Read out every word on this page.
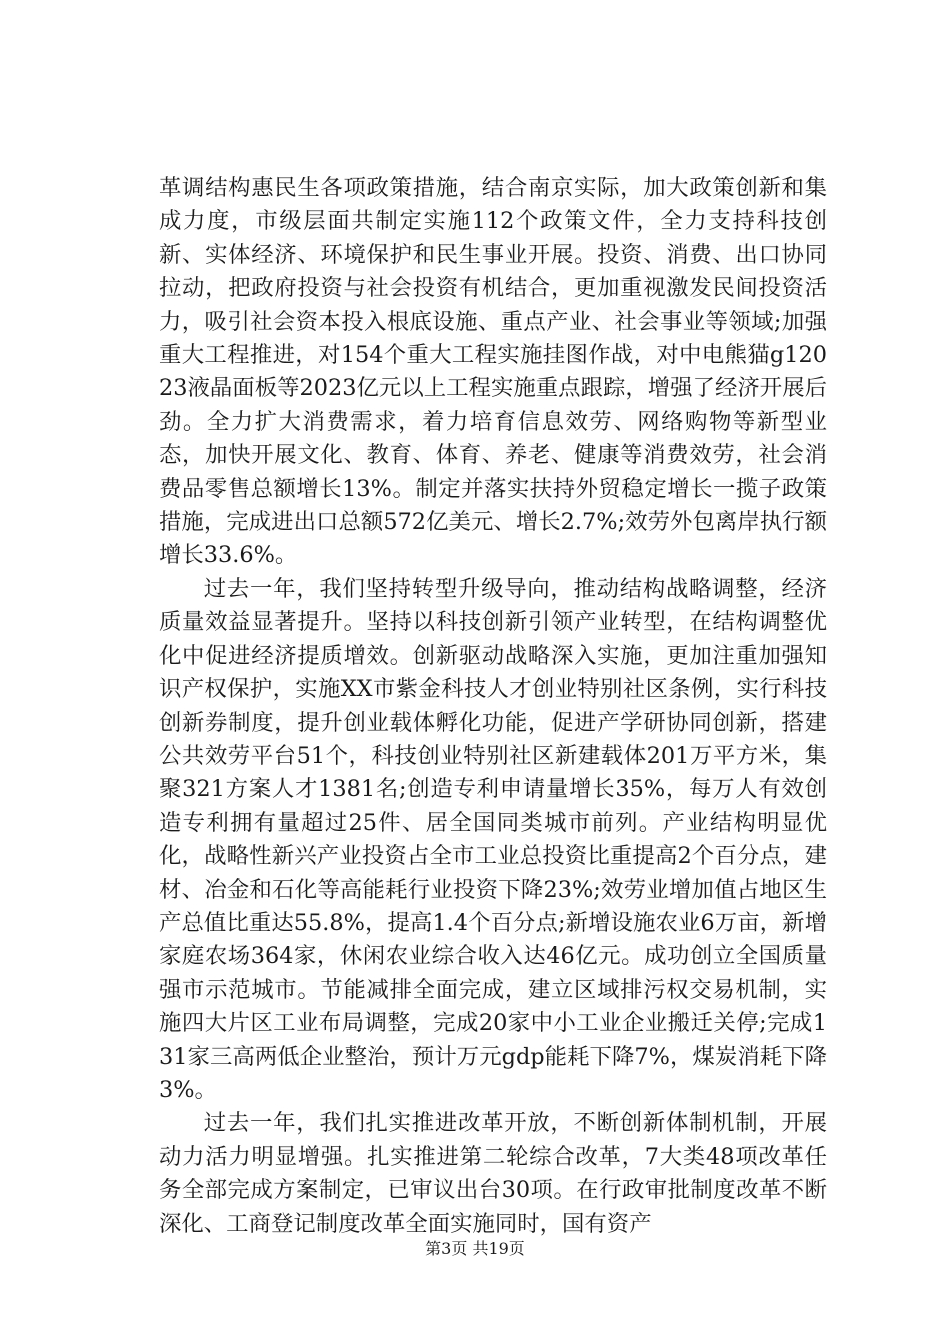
革调结构惠民生各项政策措施，结合南京实际，加大政策创新和集成力度，市级层面共制定实施112个政策文件，全力支持科技创新、实体经济、环境保护和民生事业开展。投资、消费、出口协同拉动，把政府投资与社会投资有机结合，更加重视激发民间投资活力，吸引社会资本投入根底设施、重点产业、社会事业等领域;加强重大工程推进，对154个重大工程实施挂图作战，对中电熊猫g12023液晶面板等2023亿元以上工程实施重点跟踪，增强了经济开展后劲。全力扩大消费需求，着力培育信息效劳、网络购物等新型业态，加快开展文化、教育、体育、养老、健康等消费效劳，社会消费品零售总额增长13%。制定并落实扶持外贸稳定增长一揽子政策措施，完成进出口总额572亿美元、增长2.7%;效劳外包离岸执行额增长33.6%。

过去一年，我们坚持转型升级导向，推动结构战略调整，经济质量效益显著提升。坚持以科技创新引领产业转型，在结构调整优化中促进经济提质增效。创新驱动战略深入实施，更加注重加强知识产权保护，实施XX市紫金科技人才创业特别社区条例，实行科技创新券制度，提升创业载体孵化功能，促进产学研协同创新，搭建公共效劳平台51个，科技创业特别社区新建载体201万平方米，集聚321方案人才1381名;创造专利申请量增长35%，每万人有效创造专利拥有量超过25件、居全国同类城市前列。产业结构明显优化，战略性新兴产业投资占全市工业总投资比重提高2个百分点，建材、冶金和石化等高能耗行业投资下降23%;效劳业增加值占地区生产总值比重达55.8%，提高1.4个百分点;新增设施农业6万亩，新增家庭农场364家，休闲农业综合收入达46亿元。成功创立全国质量强市示范城市。节能减排全面完成，建立区域排污权交易机制，实施四大片区工业布局调整，完成20家中小工业企业搬迁关停;完成131家三高两低企业整治，预计万元gdp能耗下降7%，煤炭消耗下降3%。

过去一年，我们扎实推进改革开放，不断创新体制机制，开展动力活力明显增强。扎实推进第二轮综合改革，7大类48项改革任务全部完成方案制定，已审议出台30项。在行政审批制度改革不断深化、工商登记制度改革全面实施同时，国有资产

第3页 共19页
